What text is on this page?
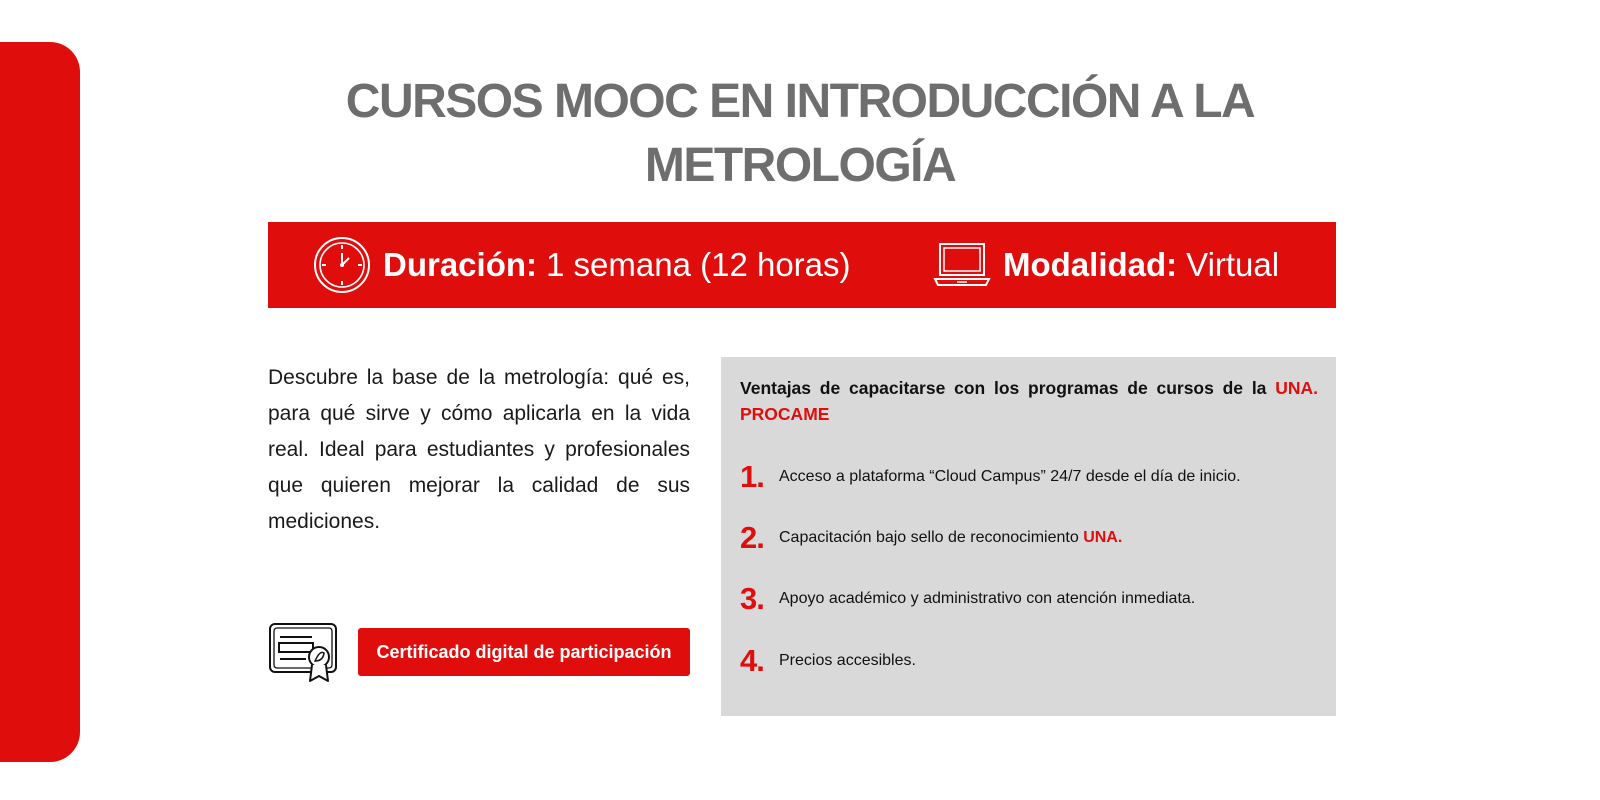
CURSOS MOOC EN INTRODUCCIÓN A LA
METROLOGÍA
Duración: 1 semana (12 horas)	Modalidad: Virtual

Descubre la base de la metrología: qué es, para qué sirve y cómo aplicarla en la vida real. Ideal para estudiantes y profesionales que quieren mejorar la calidad de sus mediciones.

Certificado digital de participación

Ventajas de capacitarse con los programas de cursos de la UNA. PROCAME

1. Acceso a plataforma “Cloud Campus” 24/7 desde el día de inicio.
2. Capacitación bajo sello de reconocimiento UNA.
3. Apoyo académico y administrativo con atención inmediata.
4. Precios accesibles.
